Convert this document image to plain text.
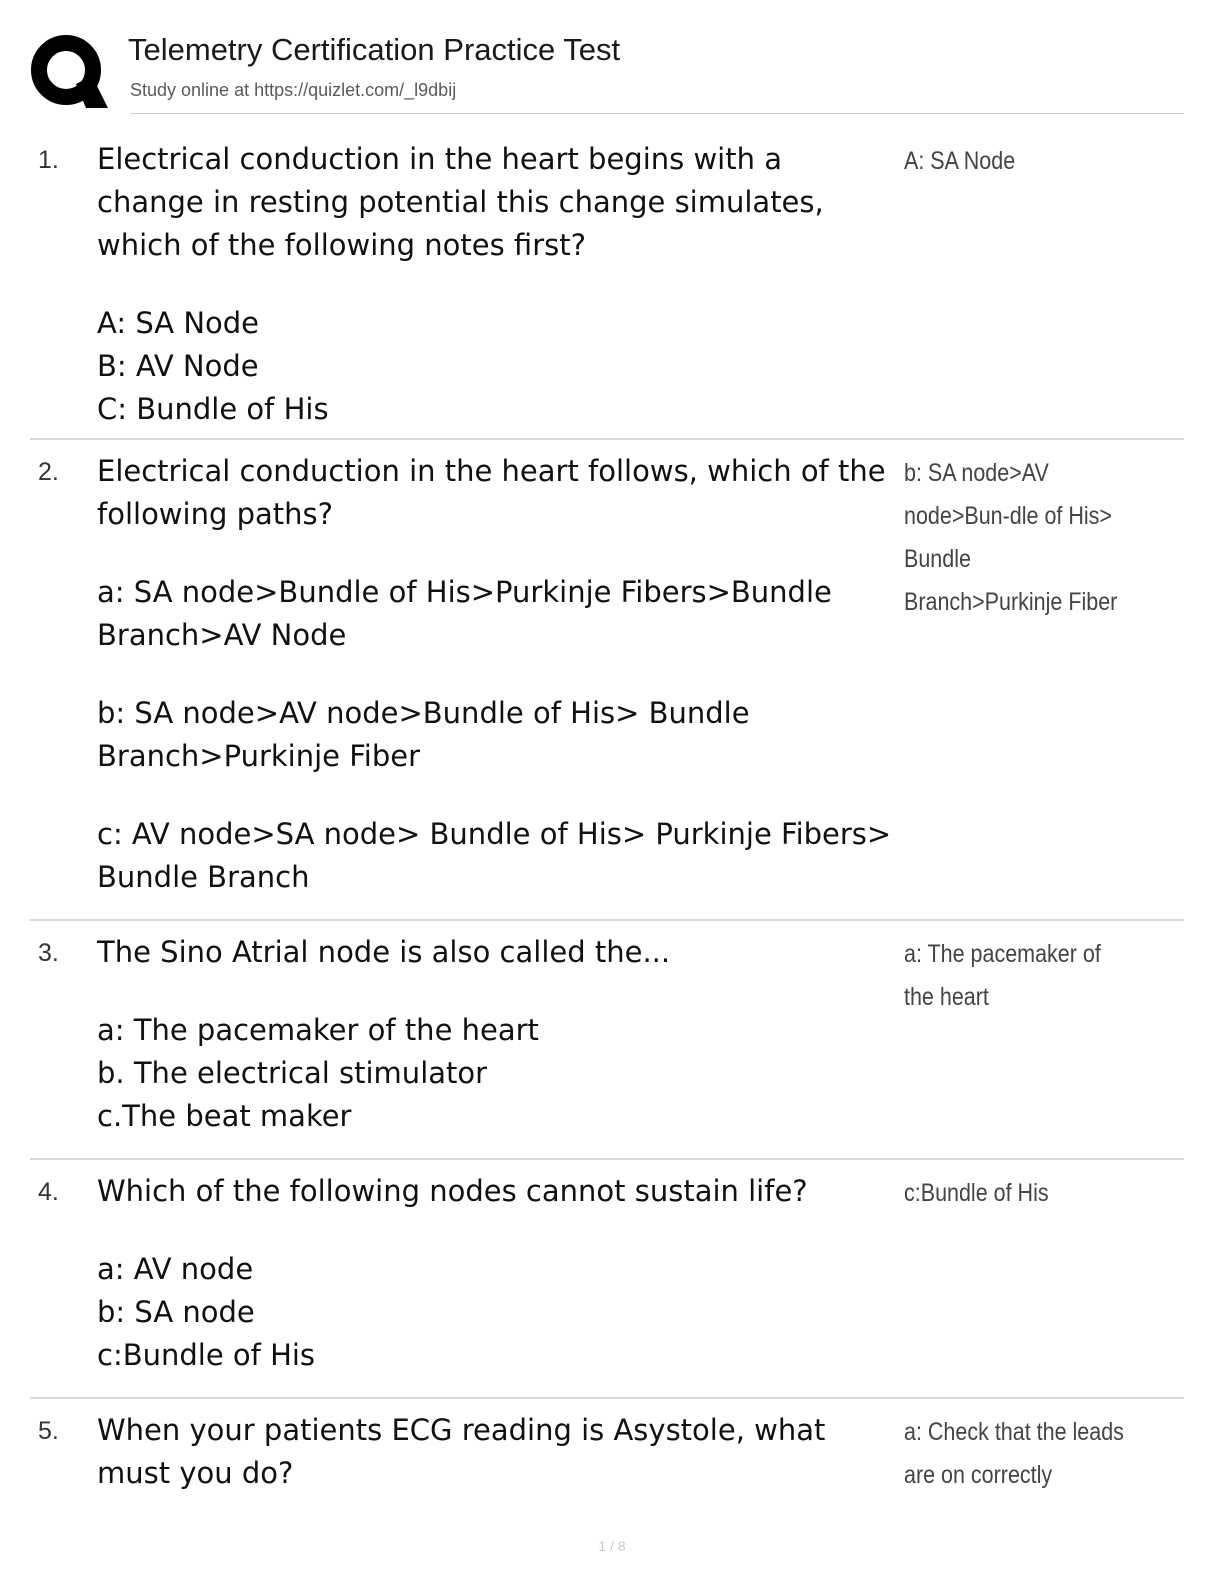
Telemetry Certification Practice Test
Study online at https://quizlet.com/_l9dbij
1. Electrical conduction in the heart begins with a change in resting potential this change simulates, which of the following notes first?

A: SA Node

B: AV Node

C: Bundle of His

A: SA Node
2. Electrical conduction in the heart follows, which of the following paths?

a: SA node>Bundle of His>Purkinje Fibers>Bundle Branch>AV Node

b: SA node>AV node>Bundle of His> Bundle Branch>Purkinje Fiber

c: AV node>SA node> Bundle of His> Purkinje Fibers> Bundle Branch

b: SA node>AV node>Bun-dle of His> Bundle Branch>Purkinje Fiber
3. The Sino Atrial node is also called the...

a: The pacemaker of the heart

b. The electrical stimulator

c.The beat maker

a: The pacemaker of the heart
4. Which of the following nodes cannot sustain life?

a: AV node

b: SA node

c:Bundle of His

c:Bundle of His
5. When your patients ECG reading is Asystole, what must you do?

a: Check that the leads are on correctly
1 / 8
